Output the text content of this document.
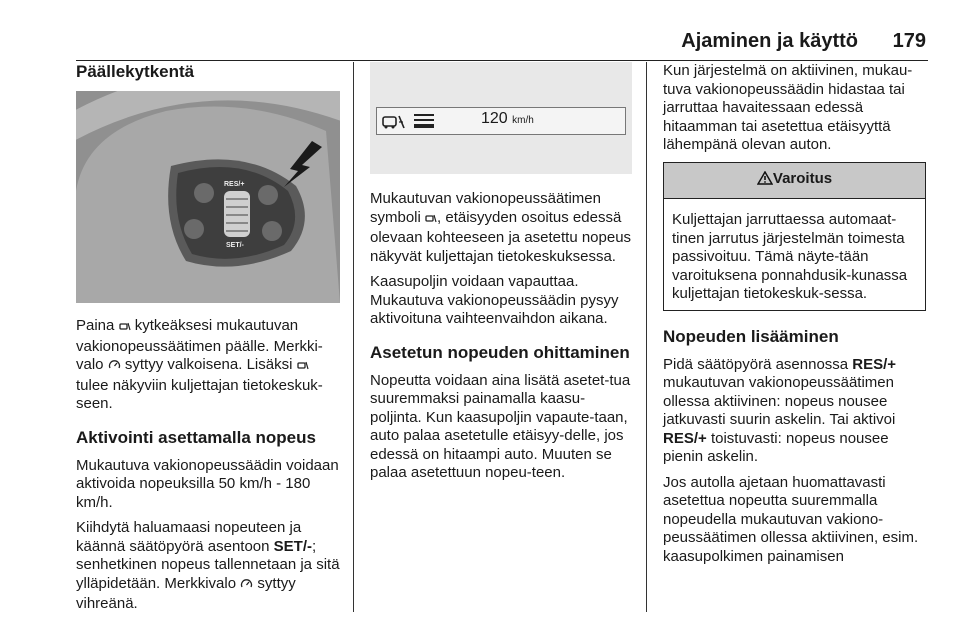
Ajaminen ja käyttö 179
Päällekytkentä
RES/+
SET/-

Paina  kytkeäksesi mukautuvan vakionopeussäätimen päälle. Merkki-valo  syttyy valkoisena. Lisäksi  tulee näkyviin kuljettajan tietokeskuk-seen.

Aktivointi asettamalla nopeus

Mukautuva vakionopeussäädin voidaan aktivoida nopeuksilla 50 km/h - 180 km/h.

Kiihdytä haluamaasi nopeuteen ja käännä säätöpyörä asentoon SET/-; senhetkinen nopeus tallennetaan ja sitä ylläpidetään. Merkkivalo  syttyy vihreänä.

120 km/h

Mukautuvan vakionopeussäätimen symboli , etäisyyden osoitus edessä olevaan kohteeseen ja asetettu nopeus näkyvät kuljettajan tietokeskuksessa.

Kaasupoljin voidaan vapauttaa. Mukautuva vakionopeussäädin pysyy aktivoituna vaihteenvaihdon aikana.

Asetetun nopeuden ohittaminen

Nopeutta voidaan aina lisätä asetet-tua suuremmaksi painamalla kaasu-poljinta. Kun kaasupoljin vapaute-taan, auto palaa asetetulle etäisyy-delle, jos edessä on hitaampi auto. Muuten se palaa asetettuun nopeu-teen.

Kun järjestelmä on aktiivinen, mukau-tuva vakionopeussäädin hidastaa tai jarruttaa havaitessaan edessä hitaamman tai asetettua etäisyyttä lähempänä olevan auton.

Varoitus
Kuljettajan jarruttaessa automaat-tinen jarrutus järjestelmän toimesta passivoituu. Tämä näyte-tään varoituksena ponnahdusik-kunassa kuljettajan tietokeskuk-sessa.
Nopeuden lisääminen

Pidä säätöpyörä asennossa RES/+ mukautuvan vakionopeussäätimen ollessa aktiivinen: nopeus nousee jatkuvasti suurin askelin. Tai aktivoi RES/+ toistuvasti: nopeus nousee pienin askelin.

Jos autolla ajetaan huomattavasti asetettua nopeutta suuremmalla nopeudella mukautuvan vakiono-peussäätimen ollessa aktiivinen, esim. kaasupolkimen painamisen
